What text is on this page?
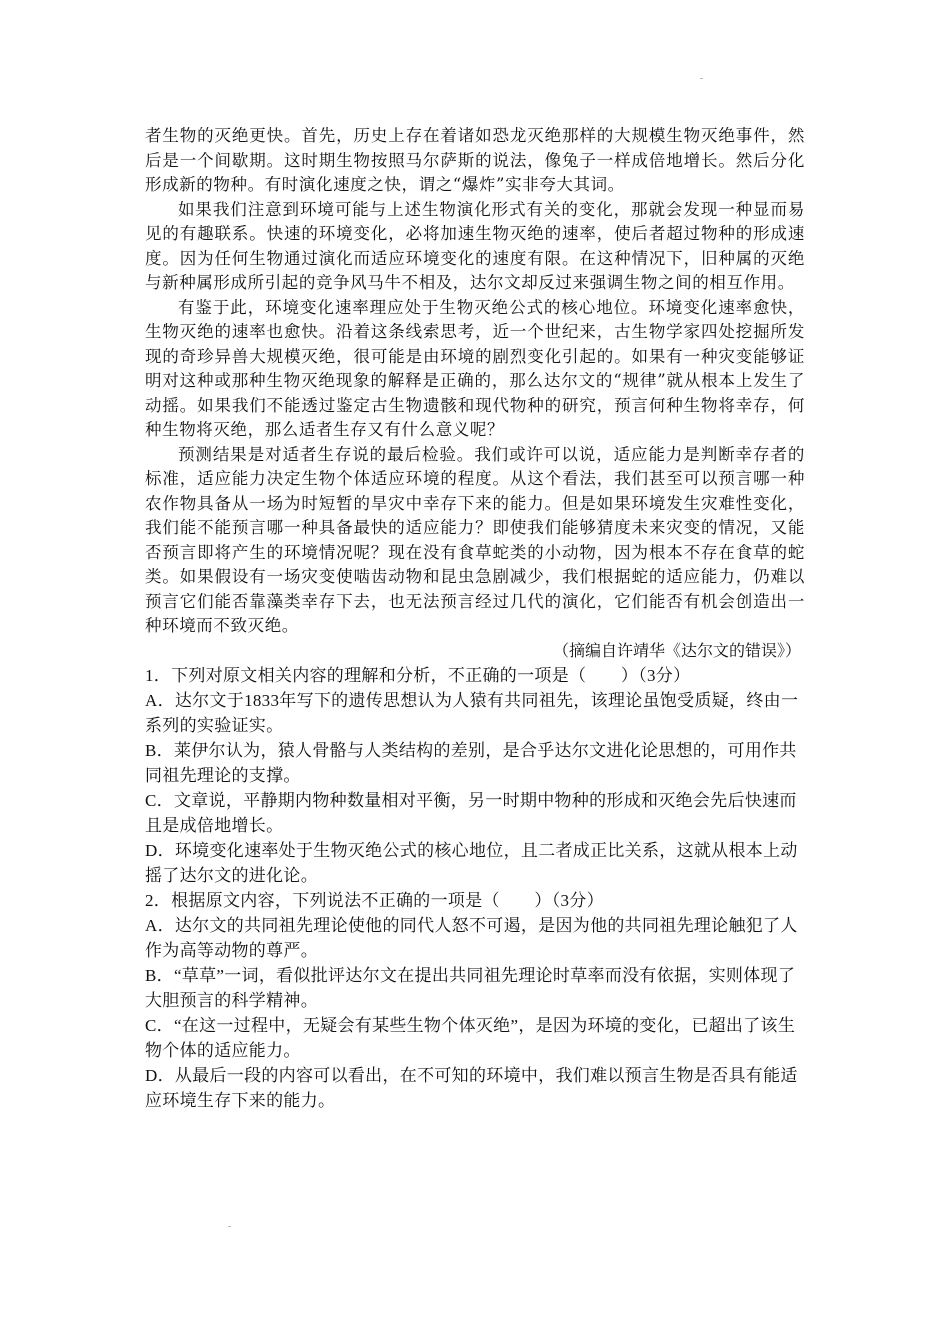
者生物的灭绝更快。首先，历史上存在着诸如恐龙灭绝那样的大规模生物灭绝事件，然后是一个间歇期。这时期生物按照马尔萨斯的说法，像兔子一样成倍地增长。然后分化形成新的物种。有时演化速度之快，谓之“爆炸”实非夸大其词。

如果我们注意到环境可能与上述生物演化形式有关的变化，那就会发现一种显而易见的有趣联系。快速的环境变化，必将加速生物灭绝的速率，使后者超过物种的形成速度。因为任何生物通过演化而适应环境变化的速度有限。在这种情况下，旧种属的灭绝与新种属形成所引起的竞争风马牛不相及，达尔文却反过来强调生物之间的相互作用。

有鉴于此，环境变化速率理应处于生物灭绝公式的核心地位。环境变化速率愈快，生物灭绝的速率也愈快。沿着这条线索思考，近一个世纪来，古生物学家四处挖掘所发现的奇珍异兽大规模灭绝，很可能是由环境的剧烈变化引起的。如果有一种灾变能够证明对这种或那种生物灭绝现象的解释是正确的，那么达尔文的“规律”就从根本上发生了动摇。如果我们不能透过鉴定古生物遗骸和现代物种的研究，预言何种生物将幸存，何种生物将灭绝，那么适者生存又有什么意义呢？

预测结果是对适者生存说的最后检验。我们或许可以说，适应能力是判断幸存者的标准，适应能力决定生物个体适应环境的程度。从这个看法，我们甚至可以预言哪一种农作物具备从一场为时短暂的旱灾中幸存下来的能力。但是如果环境发生灾难性变化，我们能不能预言哪一种具备最快的适应能力？即使我们能够猜度未来灾变的情况，又能否预言即将产生的环境情况呢？现在没有食草蛇类的小动物，因为根本不存在食草的蛇类。如果假设有一场灾变使啮齿动物和昆虫急剧减少，我们根据蛇的适应能力，仍难以预言它们能否靠藻类幸存下去，也无法预言经过几代的演化，它们能否有机会创造出一种环境而不致灭绝。

（摘编自许靖华《达尔文的错误》）

1．下列对原文相关内容的理解和分析，不正确的一项是（　　）（3分）
A．达尔文于1833年写下的遗传思想认为人猿有共同祖先，该理论虽饱受质疑，终由一系列的实验证实。
B．莱伊尔认为，猿人骨骼与人类结构的差别，是合乎达尔文进化论思想的，可用作共同祖先理论的支撑。
C．文章说，平静期内物种数量相对平衡，另一时期中物种的形成和灭绝会先后快速而且是成倍地增长。
D．环境变化速率处于生物灭绝公式的核心地位，且二者成正比关系，这就从根本上动摇了达尔文的进化论。
2．根据原文内容，下列说法不正确的一项是（　　）（3分）
A．达尔文的共同祖先理论使他的同代人怒不可遏，是因为他的共同祖先理论触犯了人作为高等动物的尊严。
B．“草草”一词，看似批评达尔文在提出共同祖先理论时草率而没有依据，实则体现了大胆预言的科学精神。
C．“在这一过程中，无疑会有某些生物个体灭绝”，是因为环境的变化，已超出了该生物个体的适应能力。
D．从最后一段的内容可以看出，在不可知的环境中，我们难以预言生物是否具有能适应环境生存下来的能力。
